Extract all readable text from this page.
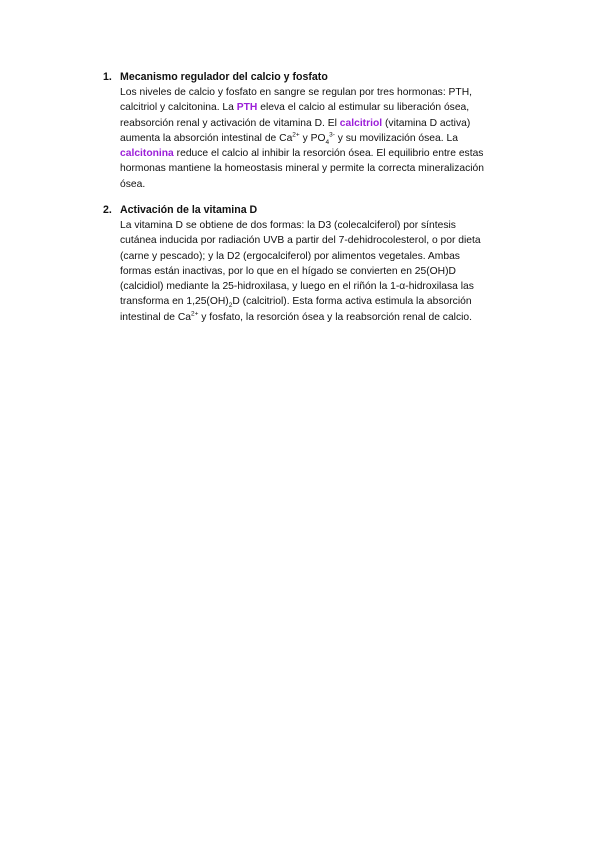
1. Mecanismo regulador del calcio y fosfato
Los niveles de calcio y fosfato en sangre se regulan por tres hormonas: PTH,
calcitriol y calcitonina. La PTH eleva el calcio al estimular su liberación ósea,
reabsorción renal y activación de vitamina D. El calcitriol (vitamina D activa)
aumenta la absorción intestinal de $Ca^{2+}$ y $PO_4^{3-}$ y su movilización ósea. La
calcitonina reduce el calcio al inhibir la resorción ósea. El equilibrio entre estas
hormonas mantiene la homeostasis mineral y permite la correcta mineralización
ósea.
2. Activación de la vitamina D
La vitamina D se obtiene de dos formas: la D3 (colecalciferol) por síntesis
cutánea inducida por radiación UVB a partir del 7-dehidrocolesterol, o por dieta
(carne y pescado); y la D2 (ergocalciferol) por alimentos vegetales. Ambas
formas están inactivas, por lo que en el hígado se convierten en 25(OH)D
(calcidiol) mediante la 25-hidroxilasa, y luego en el riñón la 1-α-hidroxilasa las
transforma en $1,25(OH)_2D$ (calcitriol). Esta forma activa estimula la absorción
intestinal de $Ca^{2+}$ y fosfato, la resorción ósea y la reabsorción renal de calcio.
